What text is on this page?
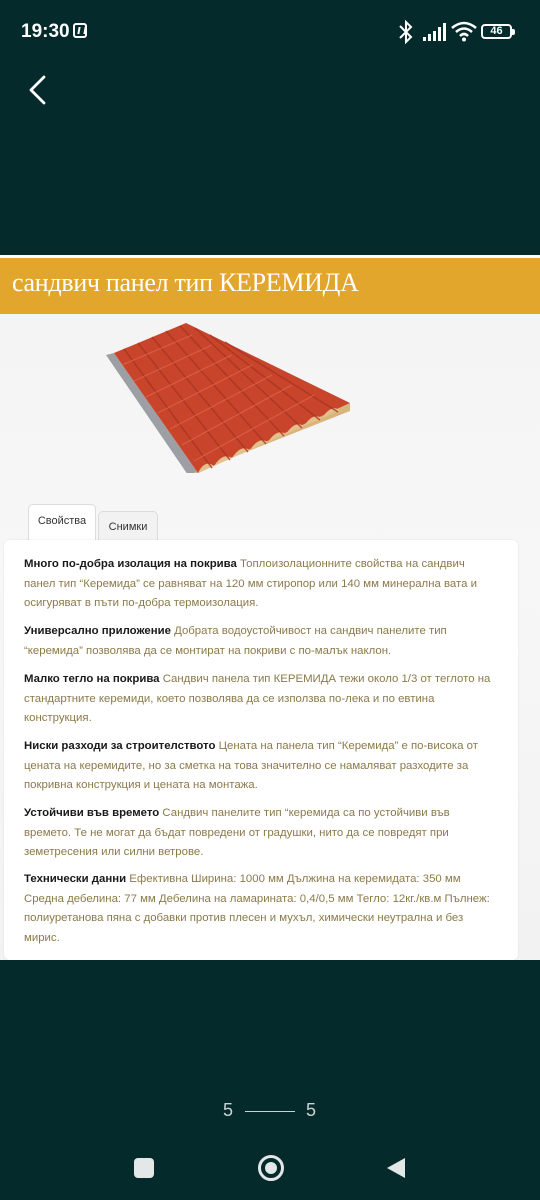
19:30	46
сандвич панел тип КЕРЕМИДА
Свойства	Снимки
Много по-добра изолация на покрива Топлоизолационните свойства на сандвич панел тип “Керемида” се равняват на 120 мм стиропор или 140 мм минерална вата и осигуряват в пъти по-добра термоизолация.
Универсално приложение Добрата водоустойчивост на сандвич панелите тип “керемида” позволява да се монтират на покриви с по-малък наклон.
Малко тегло на покрива Сандвич панела тип КЕРЕМИДА тежи около 1/3 от теглото на стандартните керемиди, което позволява да се използва по-лека и по евтина конструкция.
Ниски разходи за строителството Цената на панела тип “Керемида” е по-висока от цената на керемидите, но за сметка на това значително се намаляват разходите за покривна конструкция и цената на монтажа.
Устойчиви във времето Сандвич панелите тип “керемида са по устойчиви във времето. Те не могат да бъдат повредени от градушки, нито да се повредят при земетресения или силни ветрове.
Технически данни Ефективна Ширина: 1000 мм Дължина на керемидата: 350 мм Средна дебелина: 77 мм Дебелина на ламарината: 0,4/0,5 мм Тегло: 12кг./кв.м Пълнеж: полиуретанова пяна с добавки против плесен и мухъл, химически неутрална и без мирис.
5	5
